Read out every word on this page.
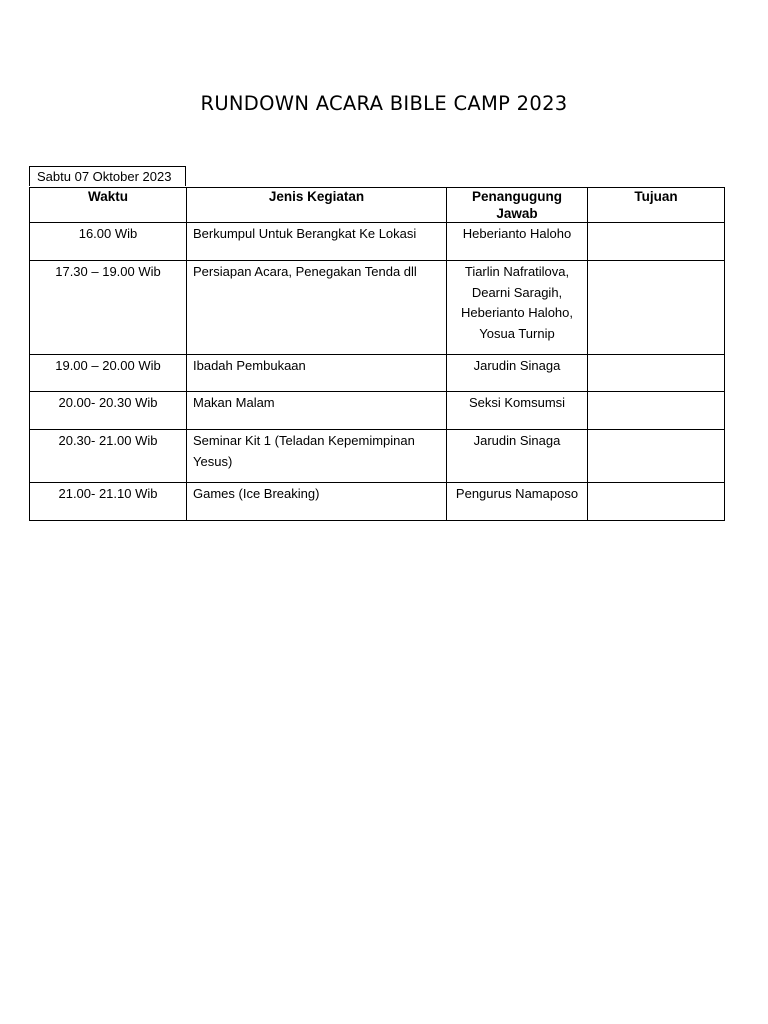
RUNDOWN ACARA BIBLE CAMP 2023
Sabtu 07 Oktober 2023
Waktu	Jenis Kegiatan	Penangugung Jawab	Tujuan
16.00 Wib	Berkumpul Untuk Berangkat Ke Lokasi	Heberianto Haloho	

17.30 – 19.00 Wib	Persiapan Acara, Penegakan Tenda dll	Tiarlin Nafratilova,
Dearni Saragih,
Heberianto Haloho,
Yosua Turnip	

19.00 – 20.00 Wib	Ibadah Pembukaan	Jarudin Sinaga	

20.00- 20.30 Wib	Makan Malam	Seksi Komsumsi	

20.30- 21.00 Wib	Seminar Kit 1 (Teladan Kepemimpinan Yesus)	Jarudin Sinaga	

21.00- 21.10 Wib	Games (Ice Breaking)	Pengurus Namaposo	
